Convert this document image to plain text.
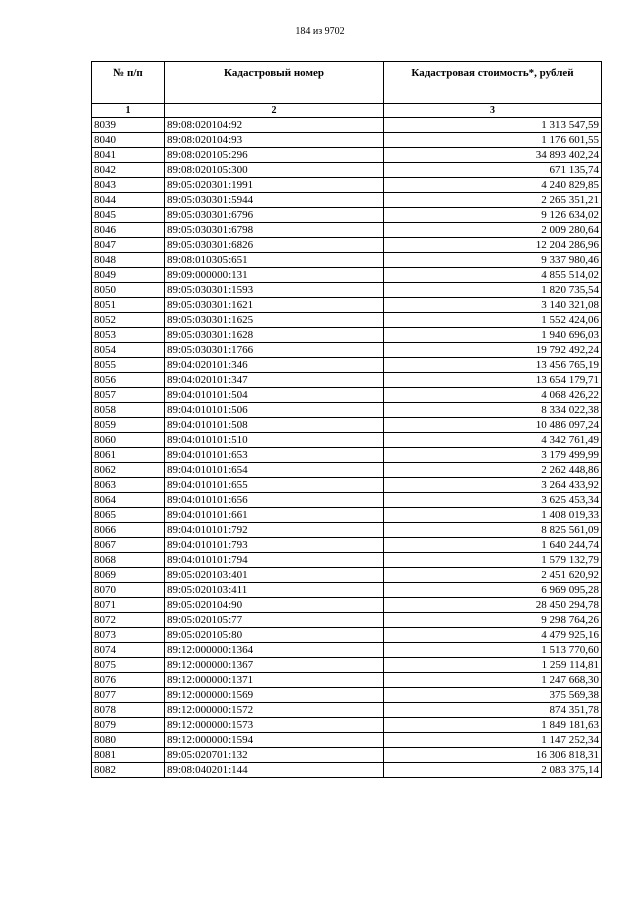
184 из 9702
№ п/п	Кадастровый номер	Кадастровая стоимость*, рублей
1	2	3
8039	89:08:020104:92	1 313 547,59
8040	89:08:020104:93	1 176 601,55
8041	89:08:020105:296	34 893 402,24
8042	89:08:020105:300	671 135,74
8043	89:05:020301:1991	4 240 829,85
8044	89:05:030301:5944	2 265 351,21
8045	89:05:030301:6796	9 126 634,02
8046	89:05:030301:6798	2 009 280,64
8047	89:05:030301:6826	12 204 286,96
8048	89:08:010305:651	9 337 980,46
8049	89:09:000000:131	4 855 514,02
8050	89:05:030301:1593	1 820 735,54
8051	89:05:030301:1621	3 140 321,08
8052	89:05:030301:1625	1 552 424,06
8053	89:05:030301:1628	1 940 696,03
8054	89:05:030301:1766	19 792 492,24
8055	89:04:020101:346	13 456 765,19
8056	89:04:020101:347	13 654 179,71
8057	89:04:010101:504	4 068 426,22
8058	89:04:010101:506	8 334 022,38
8059	89:04:010101:508	10 486 097,24
8060	89:04:010101:510	4 342 761,49
8061	89:04:010101:653	3 179 499,99
8062	89:04:010101:654	2 262 448,86
8063	89:04:010101:655	3 264 433,92
8064	89:04:010101:656	3 625 453,34
8065	89:04:010101:661	1 408 019,33
8066	89:04:010101:792	8 825 561,09
8067	89:04:010101:793	1 640 244,74
8068	89:04:010101:794	1 579 132,79
8069	89:05:020103:401	2 451 620,92
8070	89:05:020103:411	6 969 095,28
8071	89:05:020104:90	28 450 294,78
8072	89:05:020105:77	9 298 764,26
8073	89:05:020105:80	4 479 925,16
8074	89:12:000000:1364	1 513 770,60
8075	89:12:000000:1367	1 259 114,81
8076	89:12:000000:1371	1 247 668,30
8077	89:12:000000:1569	375 569,38
8078	89:12:000000:1572	874 351,78
8079	89:12:000000:1573	1 849 181,63
8080	89:12:000000:1594	1 147 252,34
8081	89:05:020701:132	16 306 818,31
8082	89:08:040201:144	2 083 375,14
